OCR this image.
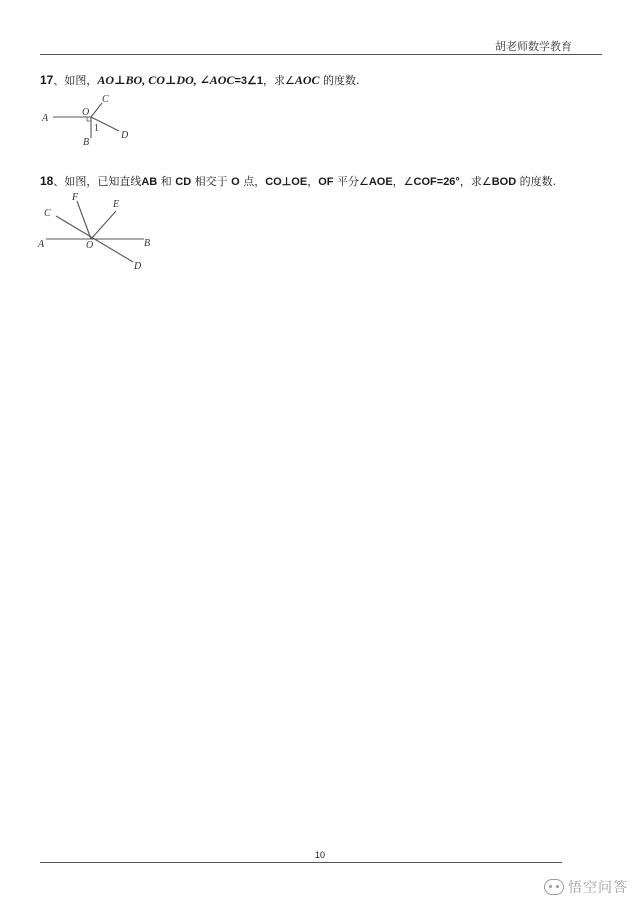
胡老师数学教育
17、如图，AO⊥BO, CO⊥DO, ∠AOC=3∠1，求∠AOC 的度数.
A
O
C
B
D
1
18、如图，已知直线AB 和 CD 相交于 O 点，CO⊥OE，OF 平分∠AOE，∠COF=26°，求∠BOD 的度数.
C
F
E
A	O	B
D
10
悟空问答
